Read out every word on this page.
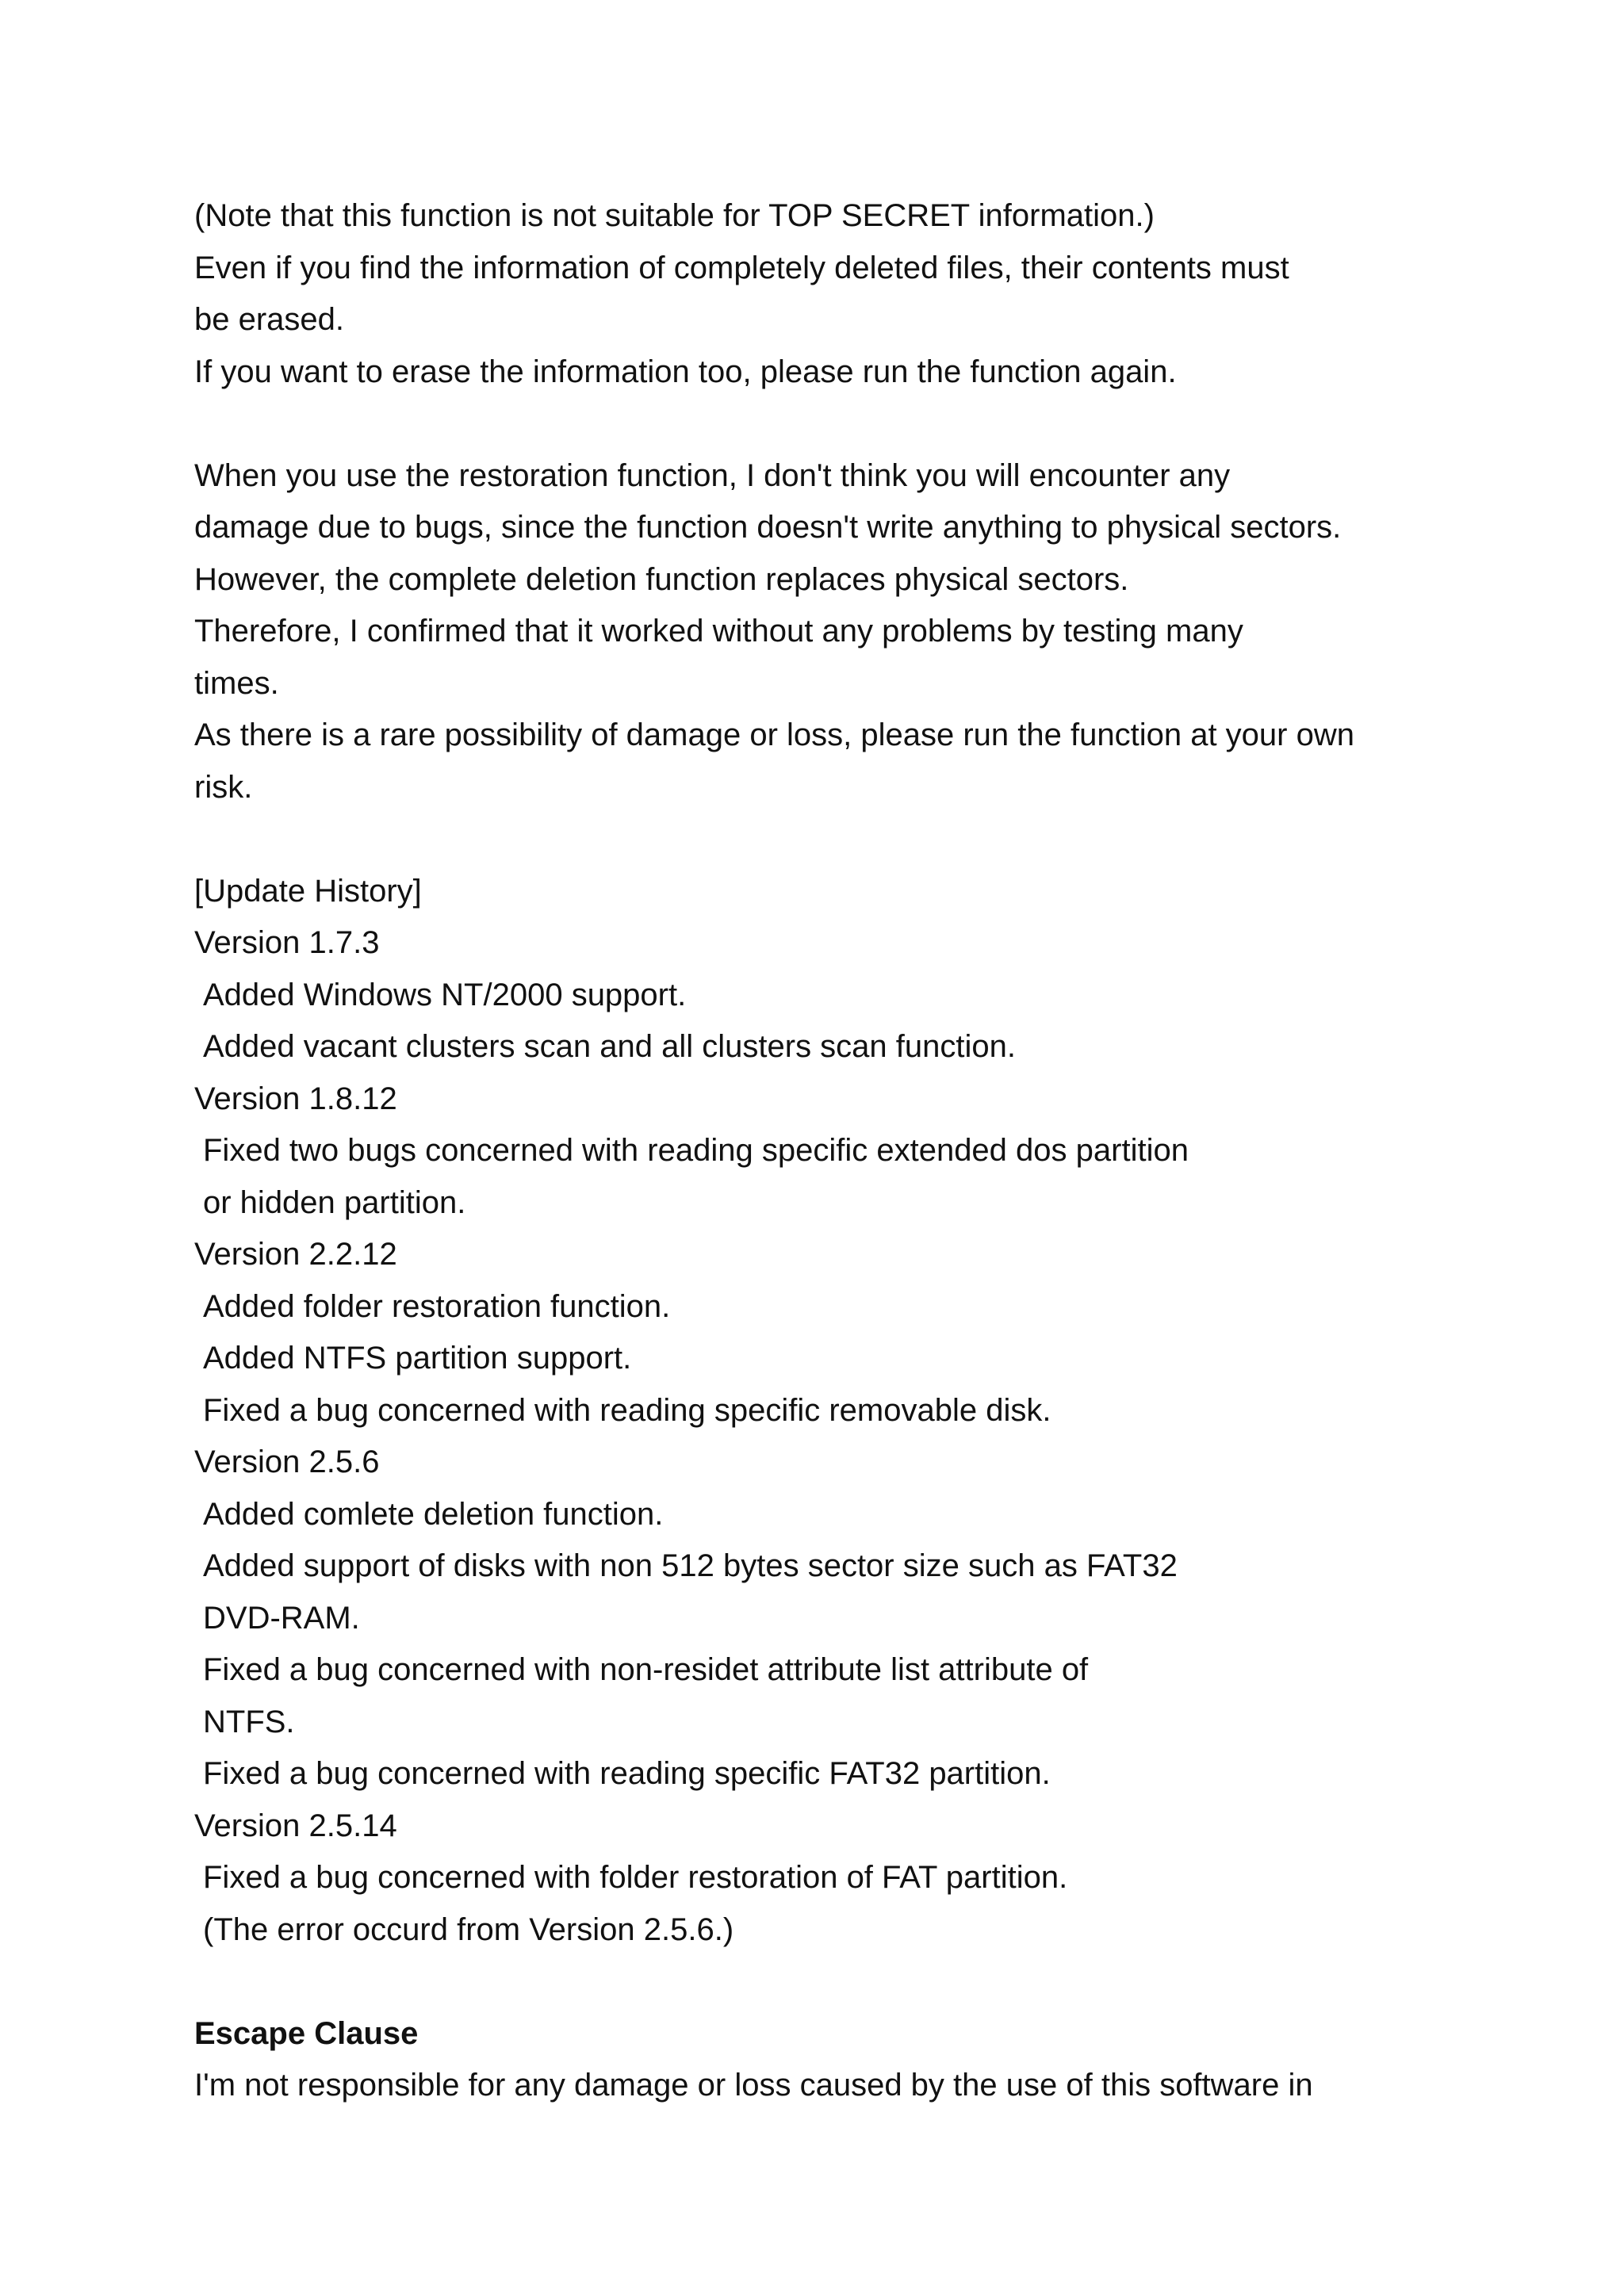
(Note that this function is not suitable for TOP SECRET information.)
Even if you find the information of completely deleted files, their contents must
be erased.
If you want to erase the information too, please run the function again.
When you use the restoration function, I don't think you will encounter any
damage due to bugs, since the function doesn't write anything to physical sectors.
However, the complete deletion function replaces physical sectors.
Therefore, I confirmed that it worked without any problems by testing many
times.
As there is a rare possibility of damage or loss, please run the function at your own
risk.
[Update History]
Version 1.7.3
Added Windows NT/2000 support.
Added vacant clusters scan and all clusters scan function.
Version 1.8.12
Fixed two bugs concerned with reading specific extended dos partition
or hidden partition.
Version 2.2.12
Added folder restoration function.
Added NTFS partition support.
Fixed a bug concerned with reading specific removable disk.
Version 2.5.6
Added comlete deletion function.
Added support of disks with non 512 bytes sector size such as FAT32
DVD-RAM.
Fixed a bug concerned with non-residet attribute list attribute of
NTFS.
Fixed a bug concerned with reading specific FAT32 partition.
Version 2.5.14
Fixed a bug concerned with folder restoration of FAT partition.
(The error occurd from Version 2.5.6.)
Escape Clause
I'm not responsible for any damage or loss caused by the use of this software in
